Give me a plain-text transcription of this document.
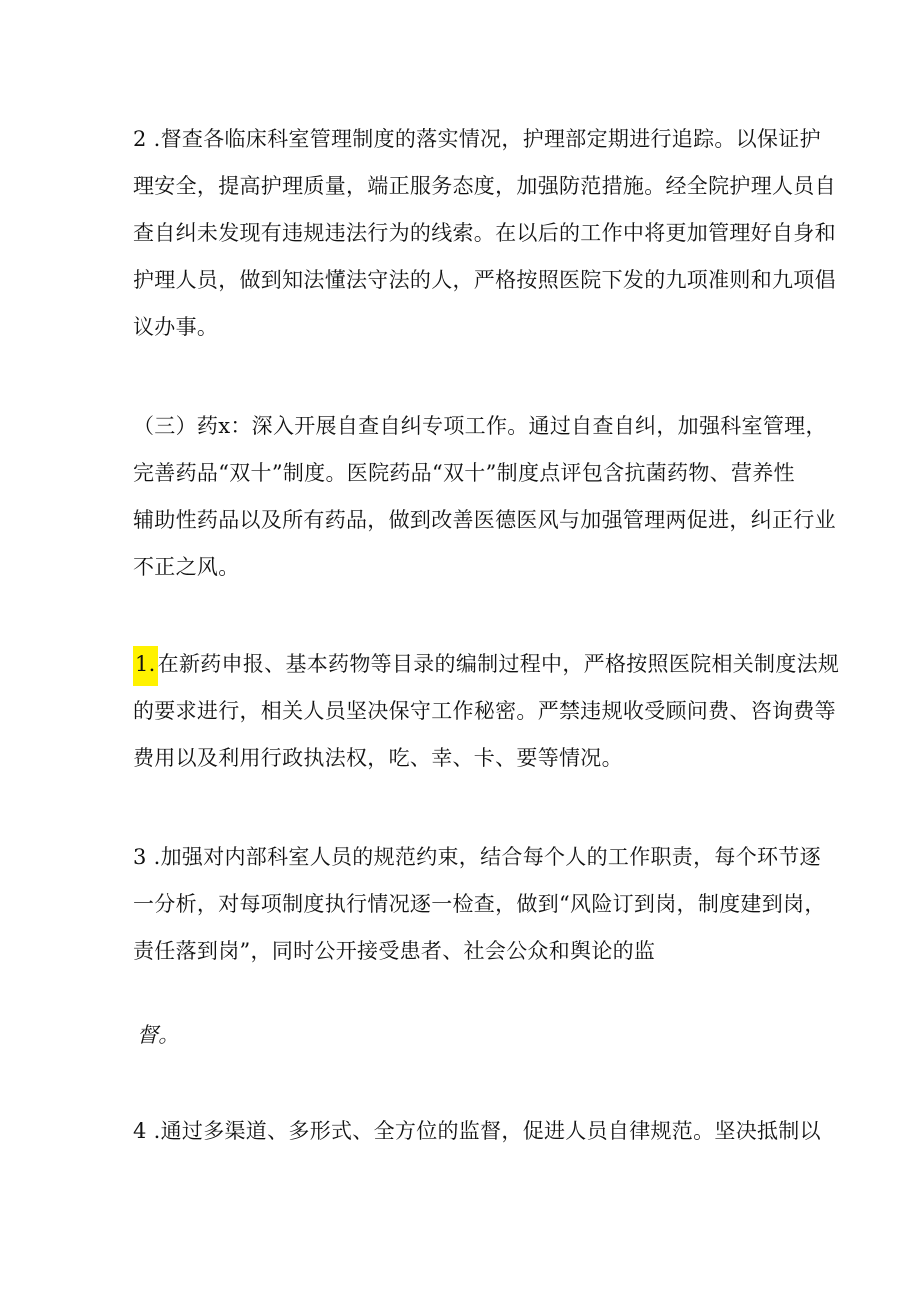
2 .督查各临床科室管理制度的落实情况，护理部定期进行追踪。以保证护
理安全，提高护理质量，端正服务态度，加强防范措施。经全院护理人员自
查自纠未发现有违规违法行为的线索。在以后的工作中将更加管理好自身和
护理人员，做到知法懂法守法的人，严格按照医院下发的九项准则和九项倡
议办事。

（三）药x：深入开展自查自纠专项工作。通过自查自纠，加强科室管理，
完善药品“双十”制度。医院药品“双十”制度点评包含抗菌药物、营养性
辅助性药品以及所有药品，做到改善医德医风与加强管理两促进，纠正行业
不正之风。

1.在新药申报、基本药物等目录的编制过程中，严格按照医院相关制度法规
的要求进行，相关人员坚决保守工作秘密。严禁违规收受顾问费、咨询费等
费用以及利用行政执法权，吃、幸、卡、要等情况。

3 .加强对内部科室人员的规范约束，结合每个人的工作职责，每个环节逐
一分析，对每项制度执行情况逐一检查，做到“风险订到岗，制度建到岗，
责任落到岗”，同时公开接受患者、社会公众和舆论的监

督。

4 .通过多渠道、多形式、全方位的监督，促进人员自律规范。坚决抵制以
